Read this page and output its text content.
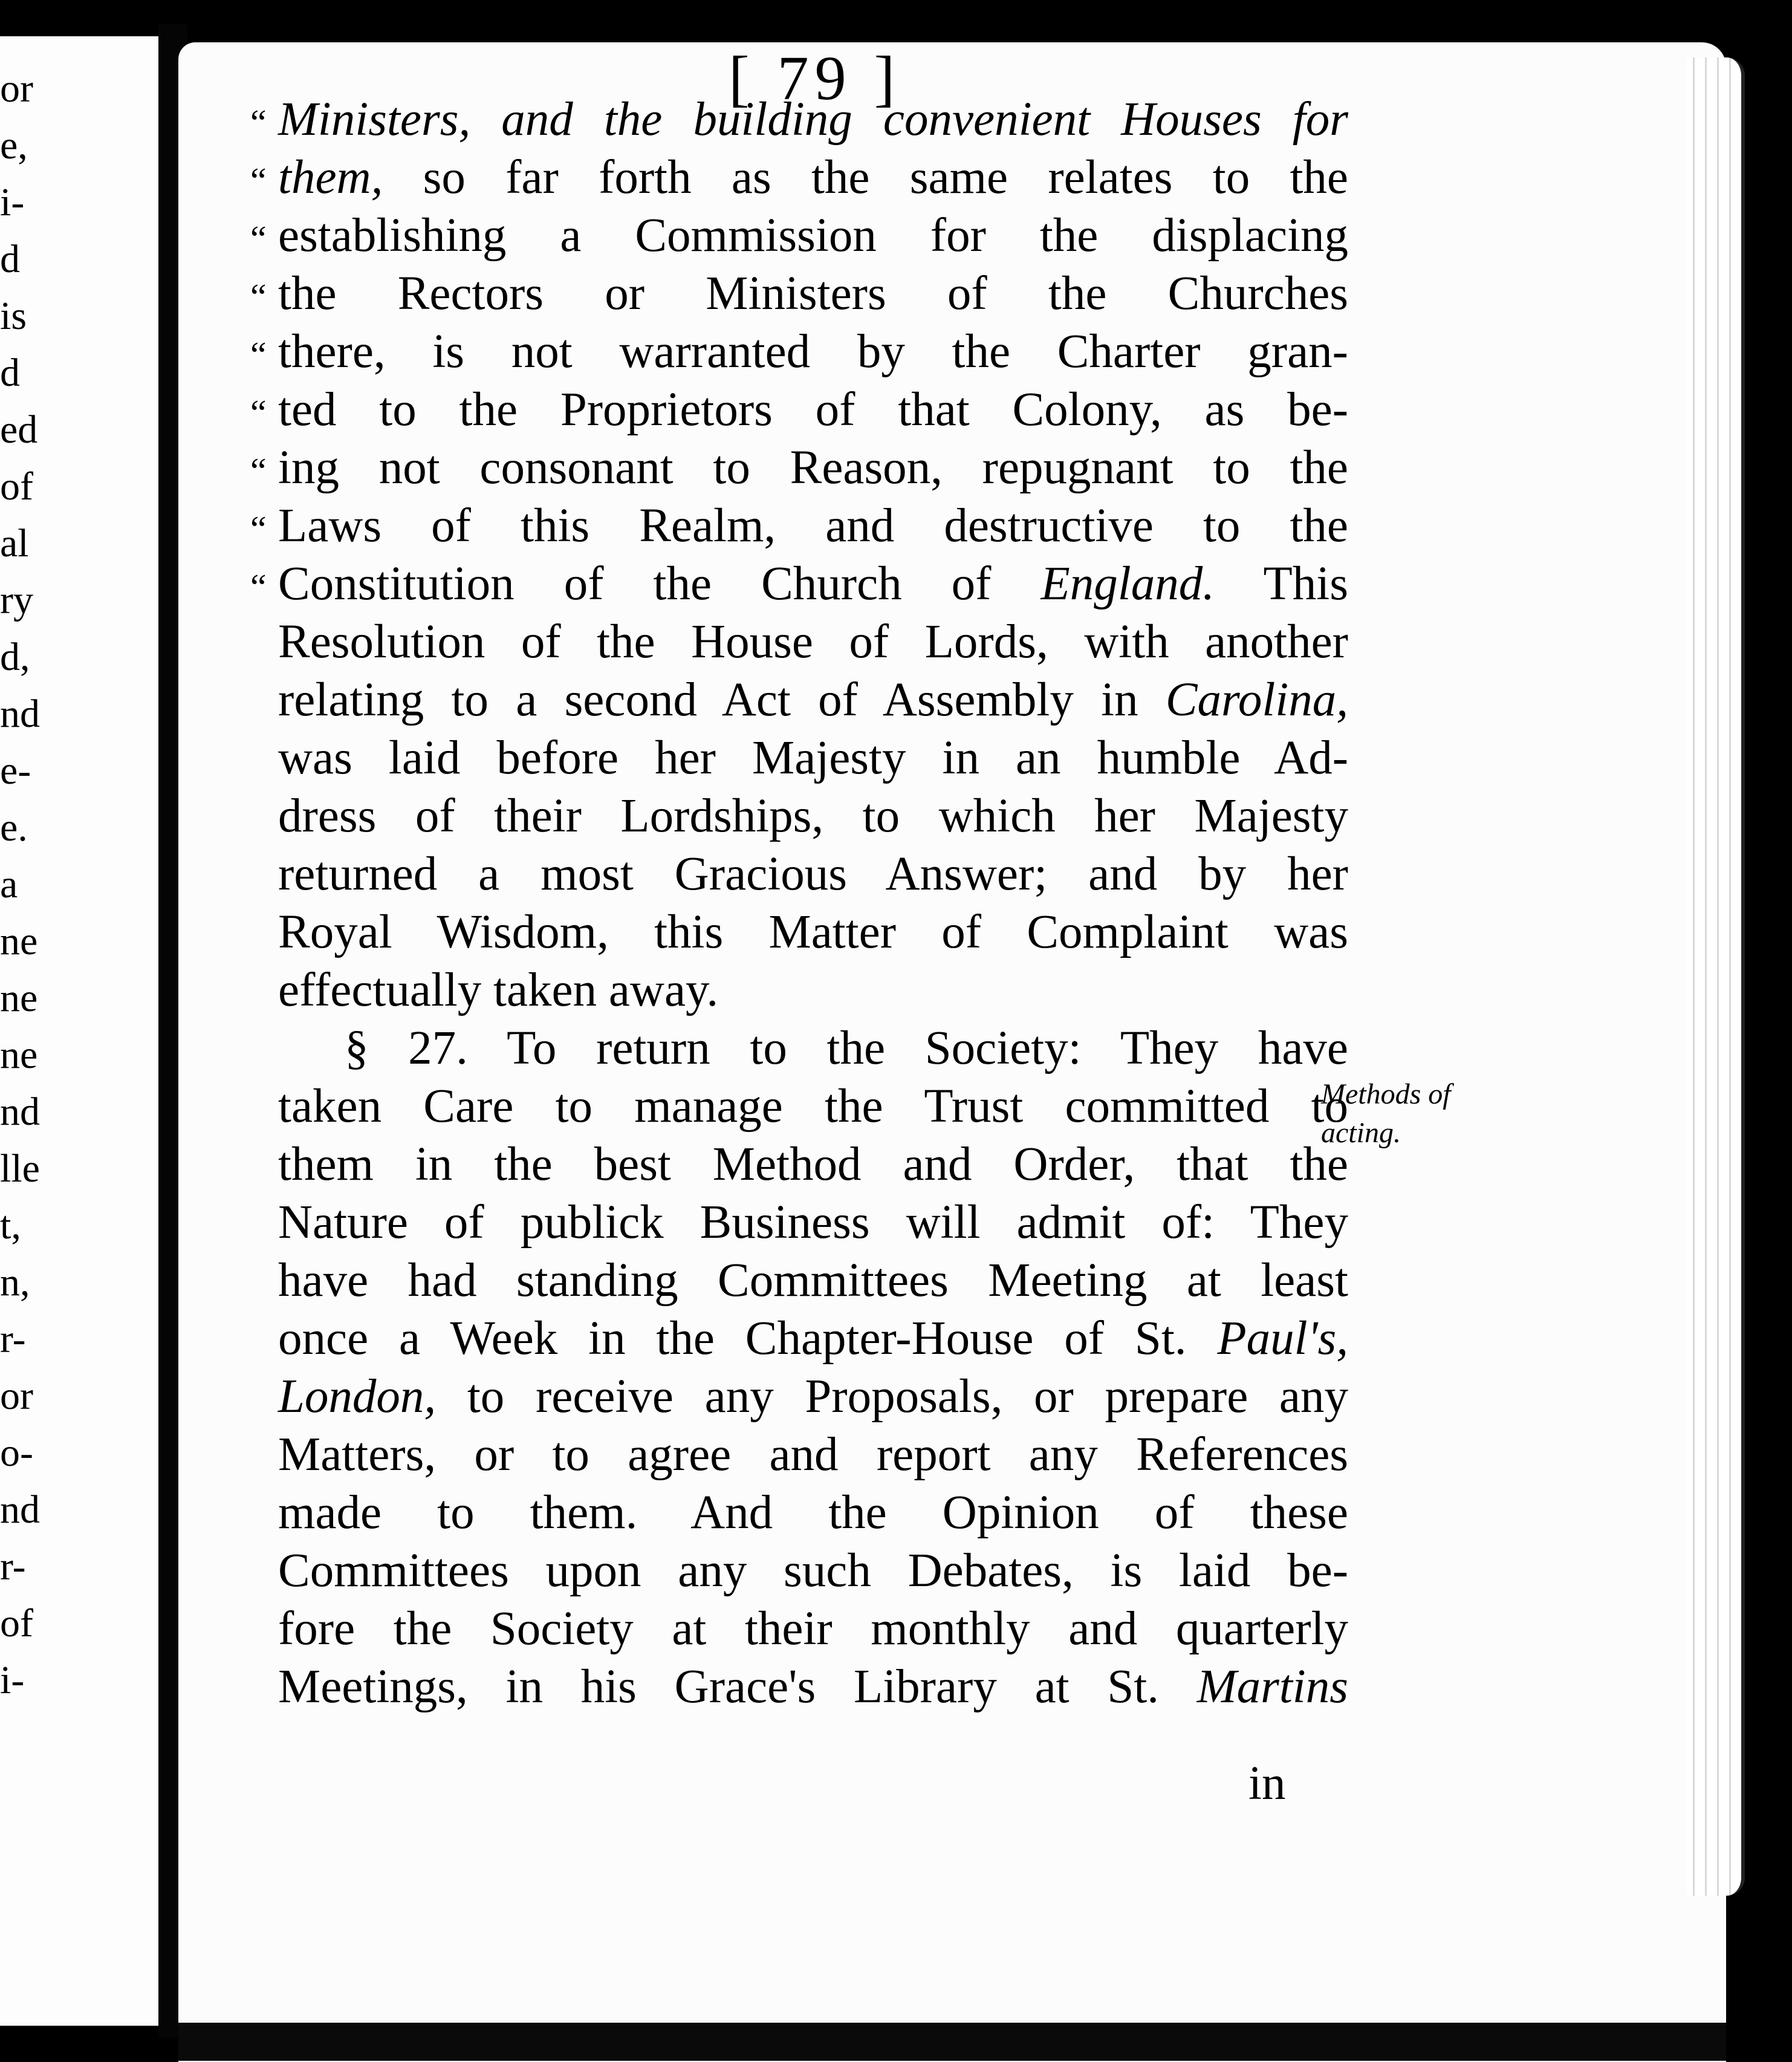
or
e,
i-
d
is
d
ed
of
al
ry
d,
nd
e-
e.
a
ne
ne
ne
nd
lle
t,
n,
r-
or
o-
nd
r-
of
i-
[ 79 ]
“ Ministers, and the building convenient Houses for
“ them, so far forth as the same relates to the
“ establishing a Commission for the displacing
“ the Rectors or Ministers of the Churches
“ there, is not warranted by the Charter gran-
“ ted to the Proprietors of that Colony, as be-
“ ing not consonant to Reason, repugnant to the
“ Laws of this Realm, and destructive to the
“ Constitution of the Church of England. This
Resolution of the House of Lords, with another
relating to a second Act of Assembly in Carolina,
was laid before her Majesty in an humble Ad-
dress of their Lordships, to which her Majesty
returned a most Gracious Answer; and by her
Royal Wisdom, this Matter of Complaint was
effectually taken away.
§ 27. To return to the Society: They have
taken Care to manage the Trust committed to
them in the best Method and Order, that the
Nature of publick Business will admit of: They
have had standing Committees Meeting at least
once a Week in the Chapter-House of St. Paul's,
London, to receive any Proposals, or prepare any
Matters, or to agree and report any References
made to them. And the Opinion of these
Committees upon any such Debates, is laid be-
fore the Society at their monthly and quarterly
Meetings, in his Grace's Library at St. Martins
Methods of
acting.
in
